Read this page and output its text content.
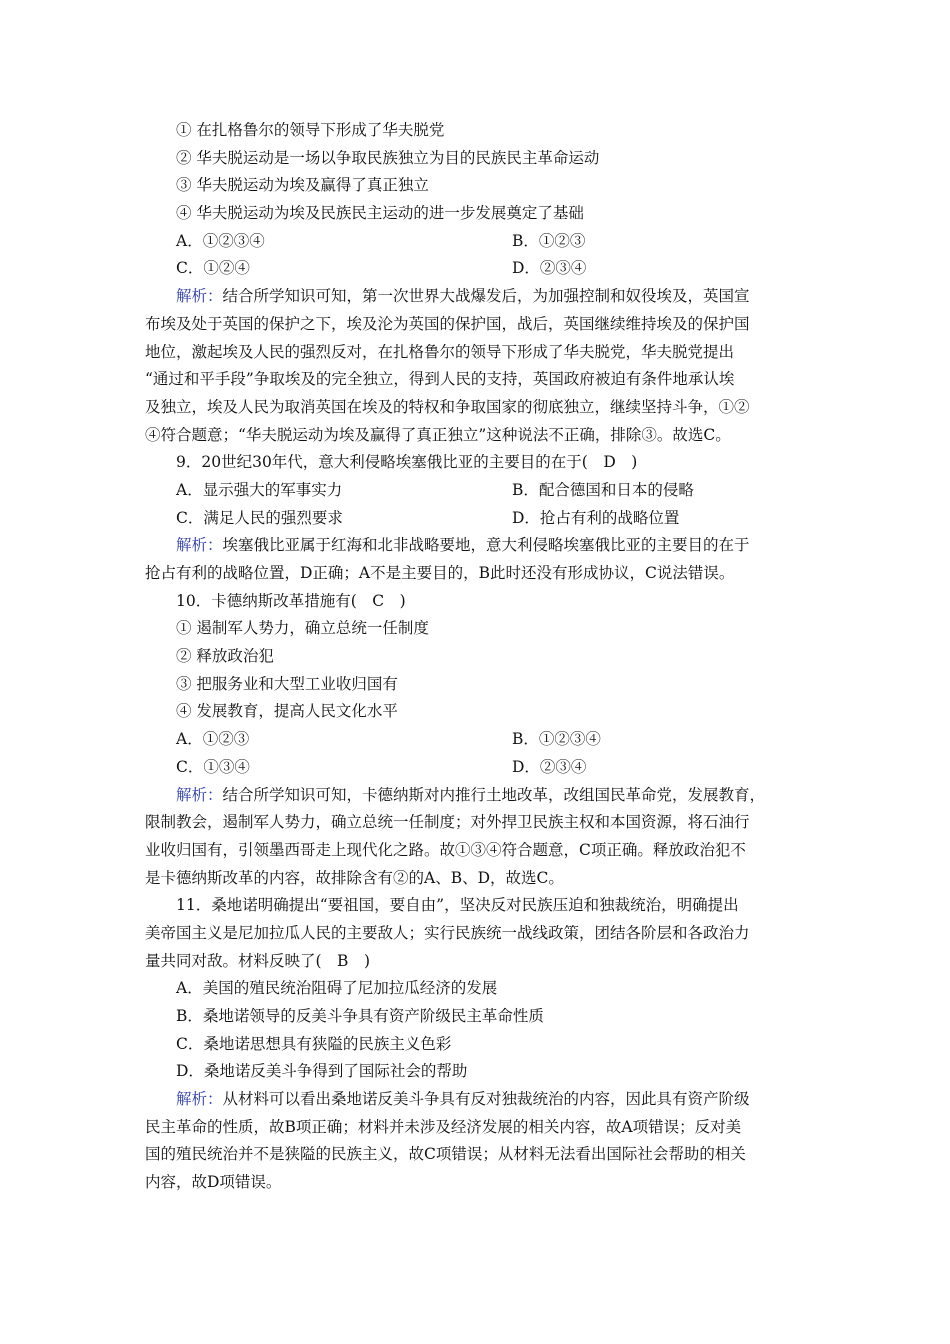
① 在扎格鲁尔的领导下形成了华夫脱党
② 华夫脱运动是一场以争取民族独立为目的民族民主革命运动
③ 华夫脱运动为埃及赢得了真正独立
④ 华夫脱运动为埃及民族民主运动的进一步发展奠定了基础
A．①②③④	B．①②③
C．①②④	D．②③④
解析：结合所学知识可知，第一次世界大战爆发后，为加强控制和奴役埃及，英国宣
布埃及处于英国的保护之下，埃及沦为英国的保护国，战后，英国继续维持埃及的保护国
地位，激起埃及人民的强烈反对，在扎格鲁尔的领导下形成了华夫脱党，华夫脱党提出
“通过和平手段”争取埃及的完全独立，得到人民的支持，英国政府被迫有条件地承认埃
及独立，埃及人民为取消英国在埃及的特权和争取国家的彻底独立，继续坚持斗争，①②
④符合题意；“华夫脱运动为埃及赢得了真正独立”这种说法不正确，排除③。故选C。
9．20世纪30年代，意大利侵略埃塞俄比亚的主要目的在于(　D　)
A．显示强大的军事实力	B．配合德国和日本的侵略
C．满足人民的强烈要求	D．抢占有利的战略位置
解析：埃塞俄比亚属于红海和北非战略要地，意大利侵略埃塞俄比亚的主要目的在于
抢占有利的战略位置，D正确；A不是主要目的，B此时还没有形成协议，C说法错误。
10．卡德纳斯改革措施有(　C　)
① 遏制军人势力，确立总统一任制度
② 释放政治犯
③ 把服务业和大型工业收归国有
④ 发展教育，提高人民文化水平
A．①②③	B．①②③④
C．①③④	D．②③④
解析：结合所学知识可知，卡德纳斯对内推行土地改革，改组国民革命党，发展教育，
限制教会，遏制军人势力，确立总统一任制度；对外捍卫民族主权和本国资源，将石油行
业收归国有，引领墨西哥走上现代化之路。故①③④符合题意，C项正确。释放政治犯不
是卡德纳斯改革的内容，故排除含有②的A、B、D，故选C。
11．桑地诺明确提出“要祖国，要自由”，坚决反对民族压迫和独裁统治，明确提出
美帝国主义是尼加拉瓜人民的主要敌人；实行民族统一战线政策，团结各阶层和各政治力
量共同对敌。材料反映了(　B　)
A．美国的殖民统治阻碍了尼加拉瓜经济的发展
B．桑地诺领导的反美斗争具有资产阶级民主革命性质
C．桑地诺思想具有狭隘的民族主义色彩
D．桑地诺反美斗争得到了国际社会的帮助
解析：从材料可以看出桑地诺反美斗争具有反对独裁统治的内容，因此具有资产阶级
民主革命的性质，故B项正确；材料并未涉及经济发展的相关内容，故A项错误；反对美
国的殖民统治并不是狭隘的民族主义，故C项错误；从材料无法看出国际社会帮助的相关
内容，故D项错误。
